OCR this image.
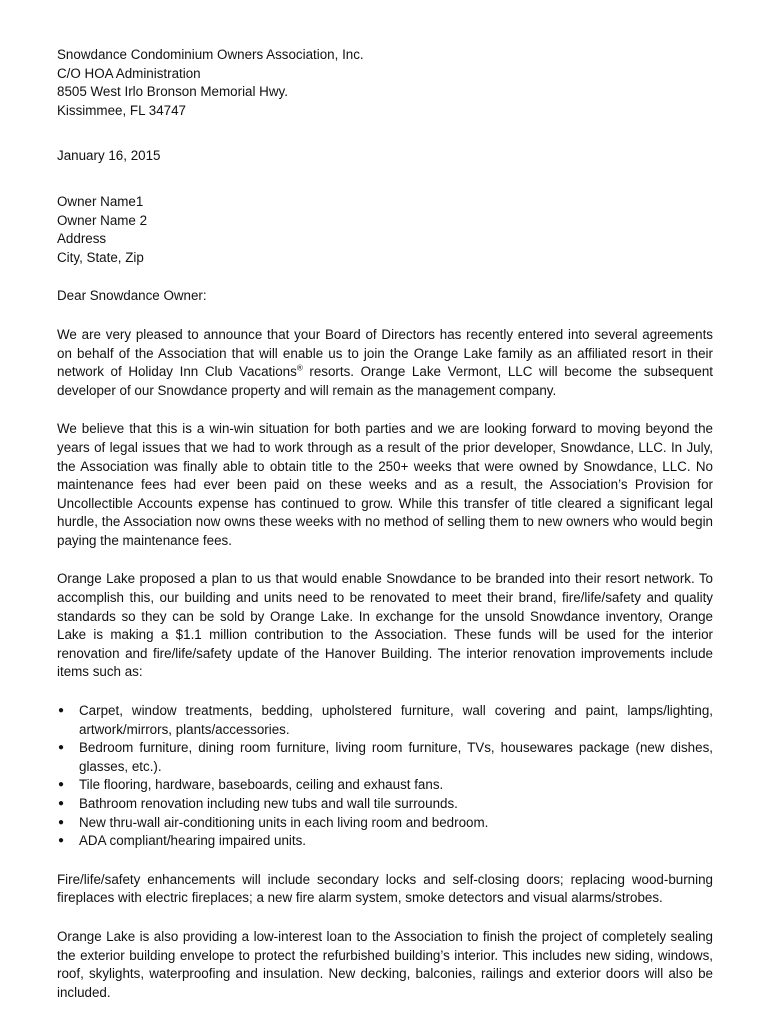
Snowdance Condominium Owners Association, Inc.
C/O HOA Administration
8505 West Irlo Bronson Memorial Hwy.
Kissimmee, FL 34747
January 16, 2015
Owner Name1
Owner Name 2
Address
City, State, Zip
Dear Snowdance Owner:

We are very pleased to announce that your Board of Directors has recently entered into several agreements on behalf of the Association that will enable us to join the Orange Lake family as an affiliated resort in their network of Holiday Inn Club Vacations® resorts. Orange Lake Vermont, LLC will become the subsequent developer of our Snowdance property and will remain as the management company.

We believe that this is a win-win situation for both parties and we are looking forward to moving beyond the years of legal issues that we had to work through as a result of the prior developer, Snowdance, LLC. In July, the Association was finally able to obtain title to the 250+ weeks that were owned by Snowdance, LLC. No maintenance fees had ever been paid on these weeks and as a result, the Association’s Provision for Uncollectible Accounts expense has continued to grow. While this transfer of title cleared a significant legal hurdle, the Association now owns these weeks with no method of selling them to new owners who would begin paying the maintenance fees.

Orange Lake proposed a plan to us that would enable Snowdance to be branded into their resort network. To accomplish this, our building and units need to be renovated to meet their brand, fire/life/safety and quality standards so they can be sold by Orange Lake. In exchange for the unsold Snowdance inventory, Orange Lake is making a $1.1 million contribution to the Association. These funds will be used for the interior renovation and fire/life/safety update of the Hanover Building. The interior renovation improvements include items such as:

● Carpet, window treatments, bedding, upholstered furniture, wall covering and paint, lamps/lighting, artwork/mirrors, plants/accessories.
● Bedroom furniture, dining room furniture, living room furniture, TVs, housewares package (new dishes, glasses, etc.).
● Tile flooring, hardware, baseboards, ceiling and exhaust fans.
● Bathroom renovation including new tubs and wall tile surrounds.
● New thru-wall air-conditioning units in each living room and bedroom.
● ADA compliant/hearing impaired units.

Fire/life/safety enhancements will include secondary locks and self-closing doors; replacing wood-burning fireplaces with electric fireplaces; a new fire alarm system, smoke detectors and visual alarms/strobes.

Orange Lake is also providing a low-interest loan to the Association to finish the project of completely sealing the exterior building envelope to protect the refurbished building’s interior. This includes new siding, windows, roof, skylights, waterproofing and insulation. New decking, balconies, railings and exterior doors will also be included.
